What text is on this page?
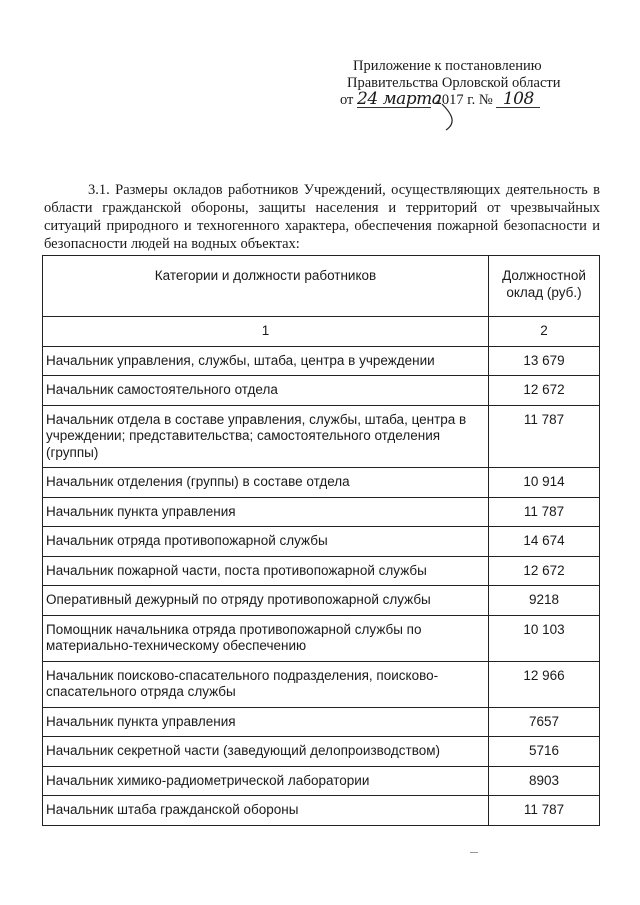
Приложение к постановлению
Правительства Орловской области
от 24 марта 2017 г. № 108
3.1. Размеры окладов работников Учреждений, осуществляющих деятельность в области гражданской обороны, защиты населения и территорий от чрезвычайных ситуаций природного и техногенного характера, обеспечения пожарной безопасности и безопасности людей на водных объектах:
Категории и должности работников	Должностной оклад (руб.)
1	2
Начальник управления, службы, штаба, центра в учреждении	13 679
Начальник самостоятельного отдела	12 672
Начальник отдела в составе управления, службы, штаба, центра в учреждении; представительства; самостоятельного отделения (группы)	11 787
Начальник отделения (группы) в составе отдела	10 914
Начальник пункта управления	11 787
Начальник отряда противопожарной службы	14 674
Начальник пожарной части, поста противопожарной службы	12 672
Оперативный дежурный по отряду противопожарной службы	9218
Помощник начальника отряда противопожарной службы по материально-техническому обеспечению	10 103
Начальник поисково-спасательного подразделения, поисково-спасательного отряда службы	12 966
Начальник пункта управления	7657
Начальник секретной части (заведующий делопроизводством)	5716
Начальник химико-радиометрической лаборатории	8903
Начальник штаба гражданской обороны	11 787
